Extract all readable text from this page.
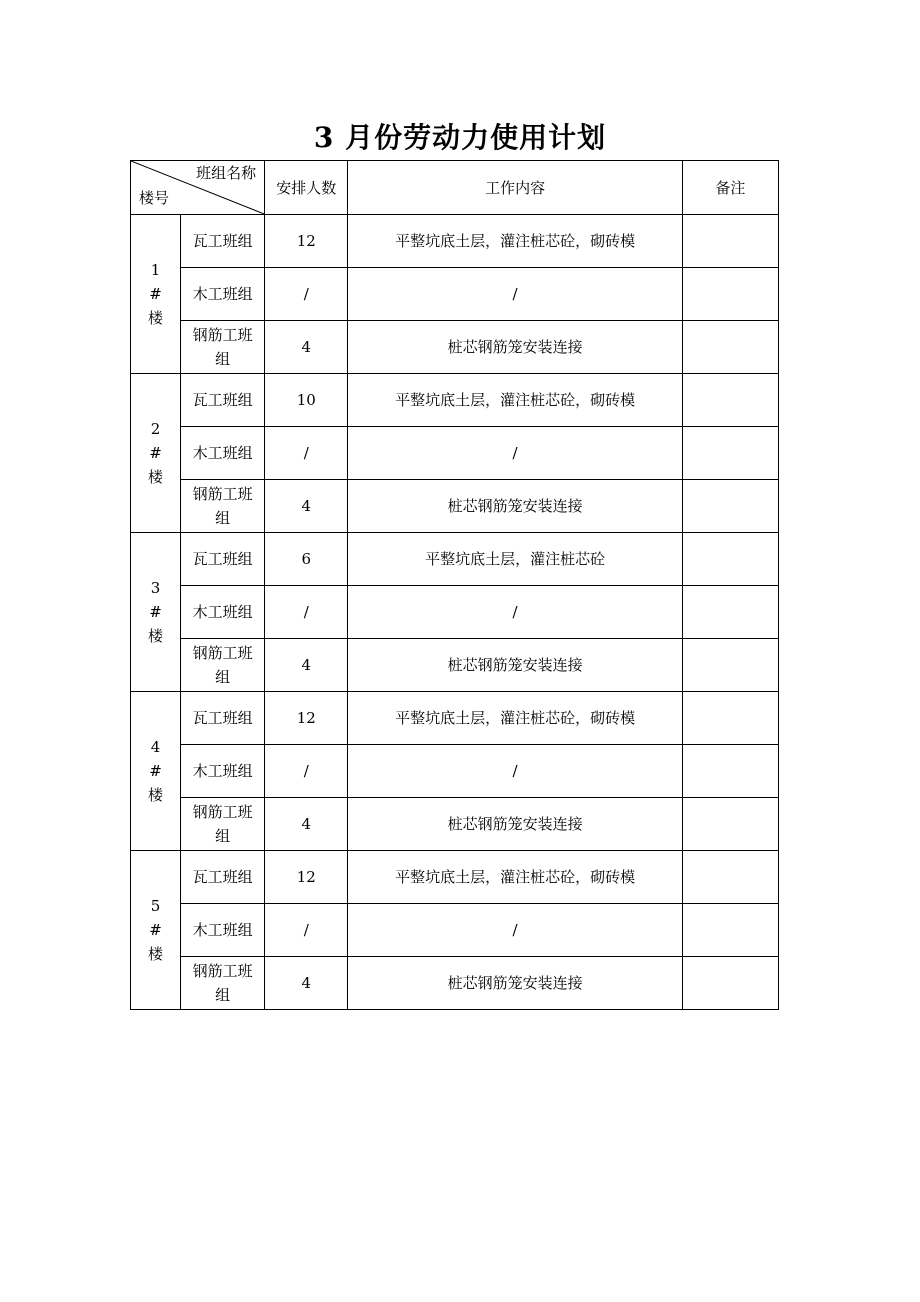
3 月份劳动力使用计划
班组名称
楼号		安排人数	工作内容	备注
1
#
楼	瓦工班组	12	平整坑底土层，灌注桩芯砼，砌砖模	
	木工班组	/	/	
	钢筋工班组	4	桩芯钢筋笼安装连接	
2
#
楼	瓦工班组	10	平整坑底土层，灌注桩芯砼，砌砖模	
	木工班组	/	/	
	钢筋工班组	4	桩芯钢筋笼安装连接	
3
#
楼	瓦工班组	6	平整坑底土层，灌注桩芯砼	
	木工班组	/	/	
	钢筋工班组	4	桩芯钢筋笼安装连接	
4
#
楼	瓦工班组	12	平整坑底土层，灌注桩芯砼，砌砖模	
	木工班组	/	/	
	钢筋工班组	4	桩芯钢筋笼安装连接	
5
#
楼	瓦工班组	12	平整坑底土层，灌注桩芯砼，砌砖模	
	木工班组	/	/	
	钢筋工班组	4	桩芯钢筋笼安装连接	
